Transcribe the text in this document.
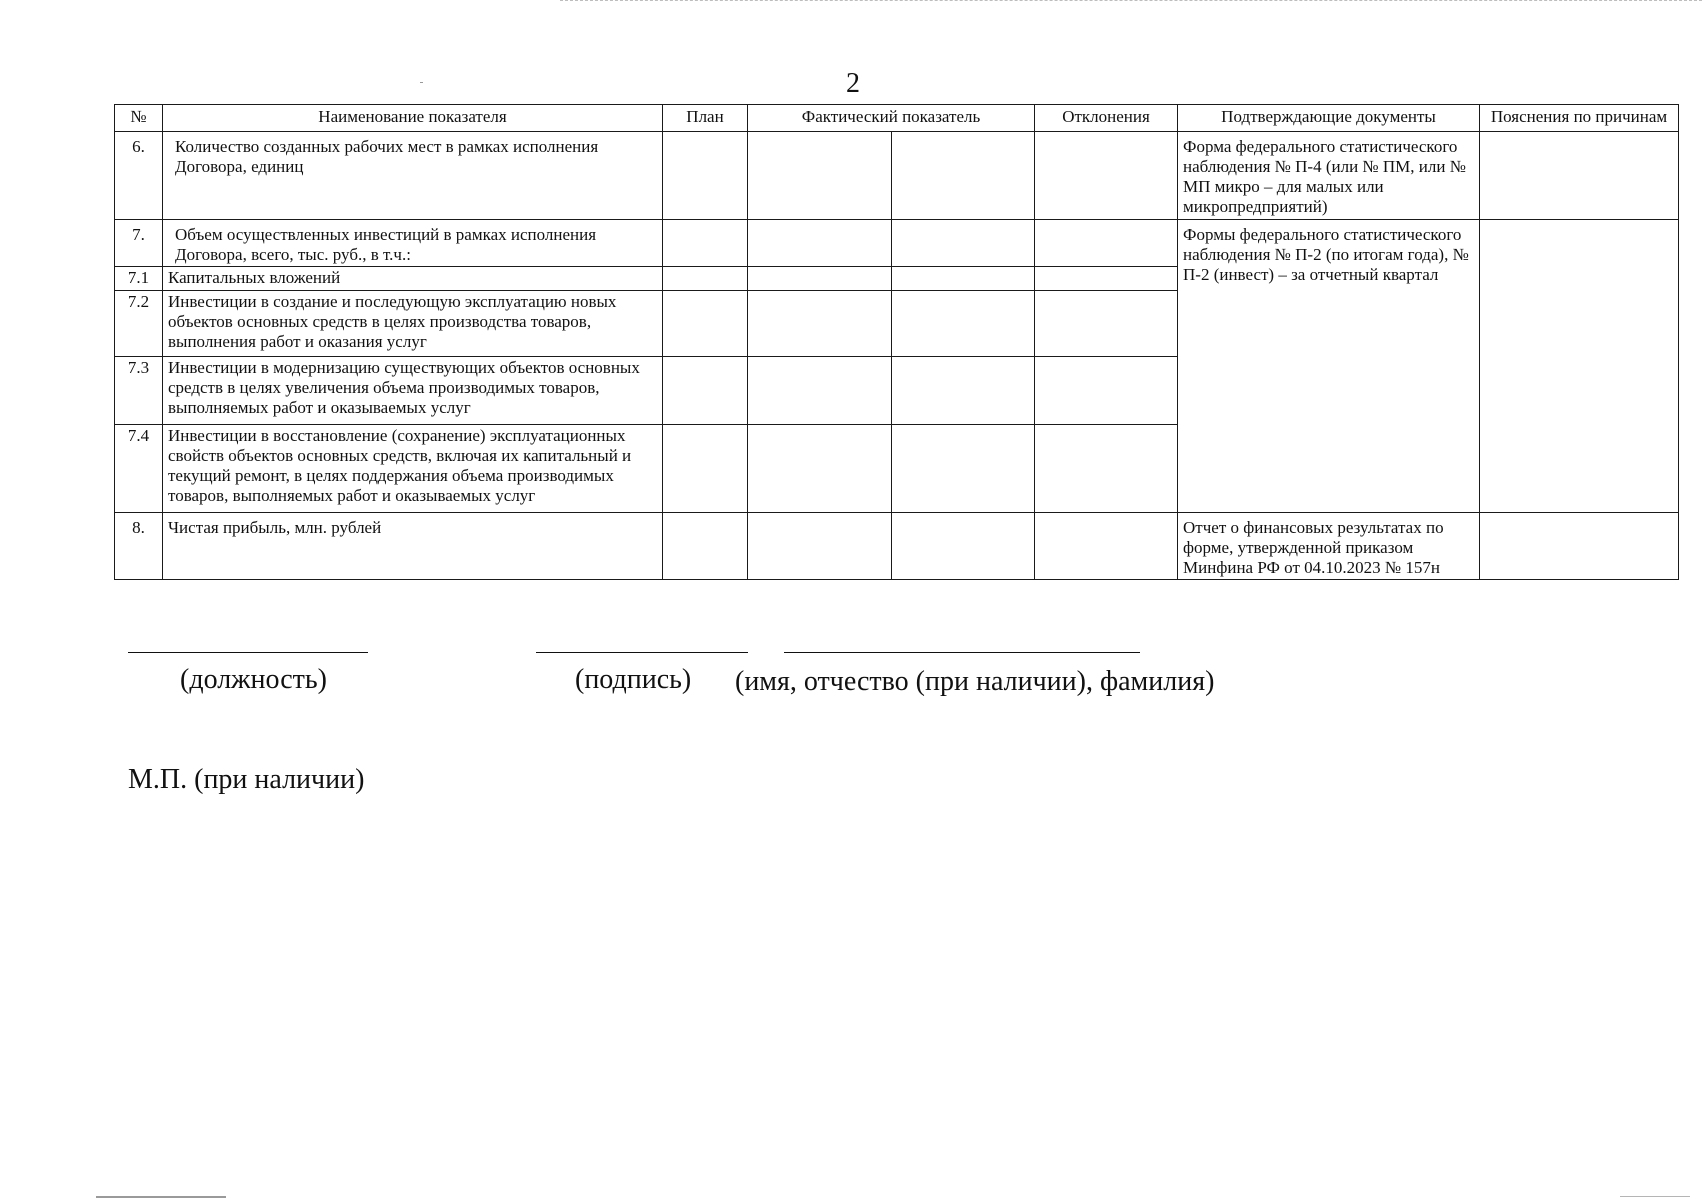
2
№	Наименование показателя	План	Фактический показатель		Отклонения	Подтверждающие документы	Пояснения по причинам
6.	Количество созданных рабочих мест в рамках исполнения Договора, единиц					Форма федерального статистического наблюдения № П-4 (или № ПМ, или № МП микро – для малых или микропредприятий)	
7.	Объем осуществленных инвестиций в рамках исполнения Договора, всего, тыс. руб., в т.ч.:					Формы федерального статистического наблюдения № П-2 (по итогам года), № П-2 (инвест) – за отчетный квартал	
7.1	Капитальных вложений						
7.2	Инвестиции в создание и последующую эксплуатацию новых объектов основных средств в целях производства товаров, выполнения работ и оказания услуг						
7.3	Инвестиции в модернизацию существующих объектов основных средств в целях увеличения объема производимых товаров, выполняемых работ и оказываемых услуг						
7.4	Инвестиции в восстановление (сохранение) эксплуатационных свойств объектов основных средств, включая их капитальный и текущий ремонт, в целях поддержания объема производимых товаров, выполняемых работ и оказываемых услуг						
8.	Чистая прибыль, млн. рублей					Отчет о финансовых результатах по форме, утвержденной приказом Минфина РФ от 04.10.2023 № 157н	
(должность)	(подпись) (имя, отчество (при наличии), фамилия)
М.П. (при наличии)
